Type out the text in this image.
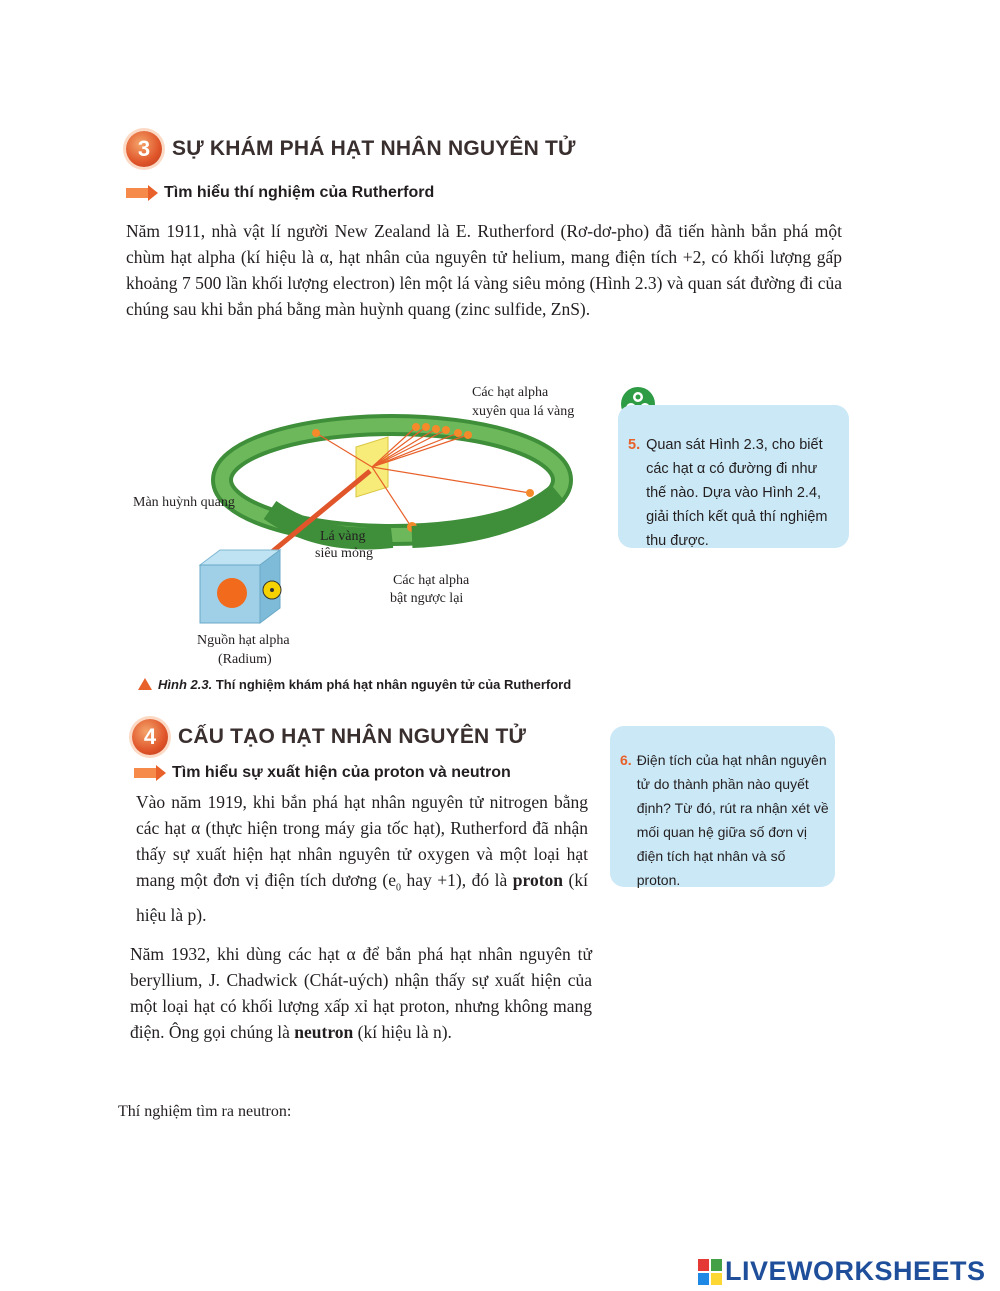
3	SỰ KHÁM PHÁ HẠT NHÂN NGUYÊN TỬ
Tìm hiểu thí nghiệm của Rutherford
Năm 1911, nhà vật lí người New Zealand là E. Rutherford (Rơ-dơ-pho) đã tiến hành bắn phá một chùm hạt alpha (kí hiệu là α, hạt nhân của nguyên tử helium, mang điện tích +2, có khối lượng gấp khoảng 7 500 lần khối lượng electron) lên một lá vàng siêu mỏng (Hình 2.3) và quan sát đường đi của chúng sau khi bắn phá bằng màn huỳnh quang (zinc sulfide, ZnS).
Các hạt alpha
xuyên qua lá vàng
Màn huỳnh quang
Lá vàng
siêu mỏng
Các hạt alpha
bật ngược lại
Nguồn hạt alpha
(Radium)
Hình 2.3. Thí nghiệm khám phá hạt nhân nguyên tử của Rutherford
5. Quan sát Hình 2.3, cho biết các hạt α có đường đi như thế nào. Dựa vào Hình 2.4, giải thích kết quả thí nghiệm thu được.
4	CẤU TẠO HẠT NHÂN NGUYÊN TỬ
Tìm hiểu sự xuất hiện của proton và neutron
Vào năm 1919, khi bắn phá hạt nhân nguyên tử nitrogen bằng các hạt α (thực hiện trong máy gia tốc hạt), Rutherford đã nhận thấy sự xuất hiện hạt nhân nguyên tử oxygen và một loại hạt mang một đơn vị điện tích dương ($e_0$ hay +1), đó là proton (kí hiệu là p).
Năm 1932, khi dùng các hạt α để bắn phá hạt nhân nguyên tử beryllium, J. Chadwick (Chát-uých) nhận thấy sự xuất hiện của một loại hạt có khối lượng xấp xỉ hạt proton, nhưng không mang điện. Ông gọi chúng là neutron (kí hiệu là n).
6. Điện tích của hạt nhân nguyên tử do thành phần nào quyết định? Từ đó, rút ra nhận xét về mối quan hệ giữa số đơn vị điện tích hạt nhân và số proton.
Thí nghiệm tìm ra neutron:
LIVEWORKSHEETS
